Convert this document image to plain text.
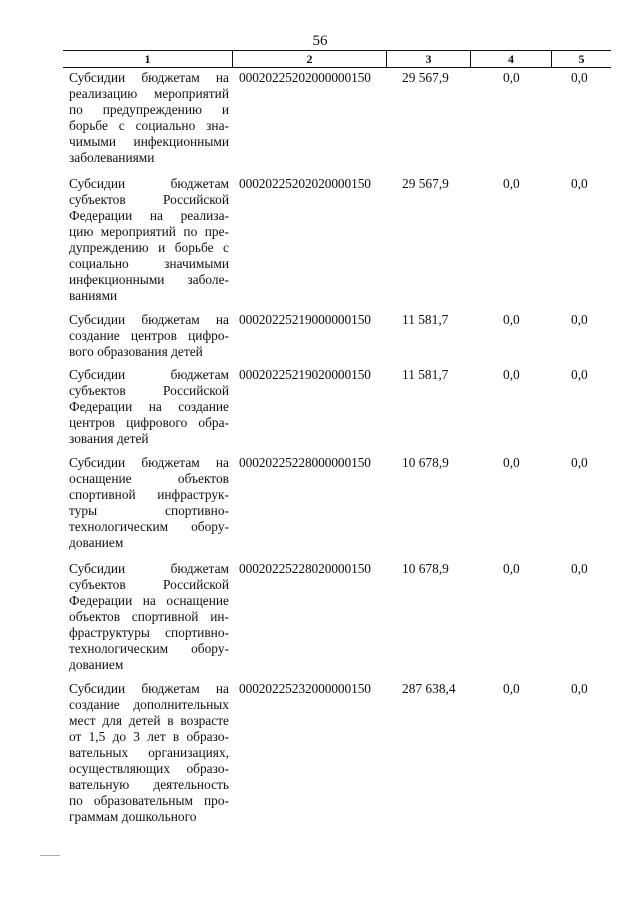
56
1	2	3	4	5
Субсидии бюджетам на
реализацию мероприятий
по предупреждению и
борьбе с социально зна-
чимыми инфекционными
заболеваниями
00020225202000000150 29 567,9	0,0	0,0
Субсидии бюджетам
субъектов Российской
Федерации на реализа-
цию мероприятий по пре-
дупреждению и борьбе с
социально значимыми
инфекционными заболе-
ваниями
00020225202020000150 29 567,9	0,0	0,0
Субсидии бюджетам на
создание центров цифро-
вого образования детей
00020225219000000150 11 581,7	0,0	0,0
Субсидии бюджетам
субъектов Российской
Федерации на создание
центров цифрового обра-
зования детей
00020225219020000150 11 581,7	0,0	0,0
Субсидии бюджетам на
оснащение объектов
спортивной инфраструк-
туры спортивно-
технологическим обору-
дованием
00020225228000000150 10 678,9	0,0	0,0
Субсидии бюджетам
субъектов Российской
Федерации на оснащение
объектов спортивной ин-
фраструктуры спортивно-
технологическим обору-
дованием
00020225228020000150 10 678,9	0,0	0,0
Субсидии бюджетам на
создание дополнительных
мест для детей в возрасте
от 1,5 до 3 лет в образо-
вательных организациях,
осуществляющих образо-
вательную деятельность
по образовательным про-
граммам дошкольного
00020225232000000150 287 638,4	0,0	0,0
——
